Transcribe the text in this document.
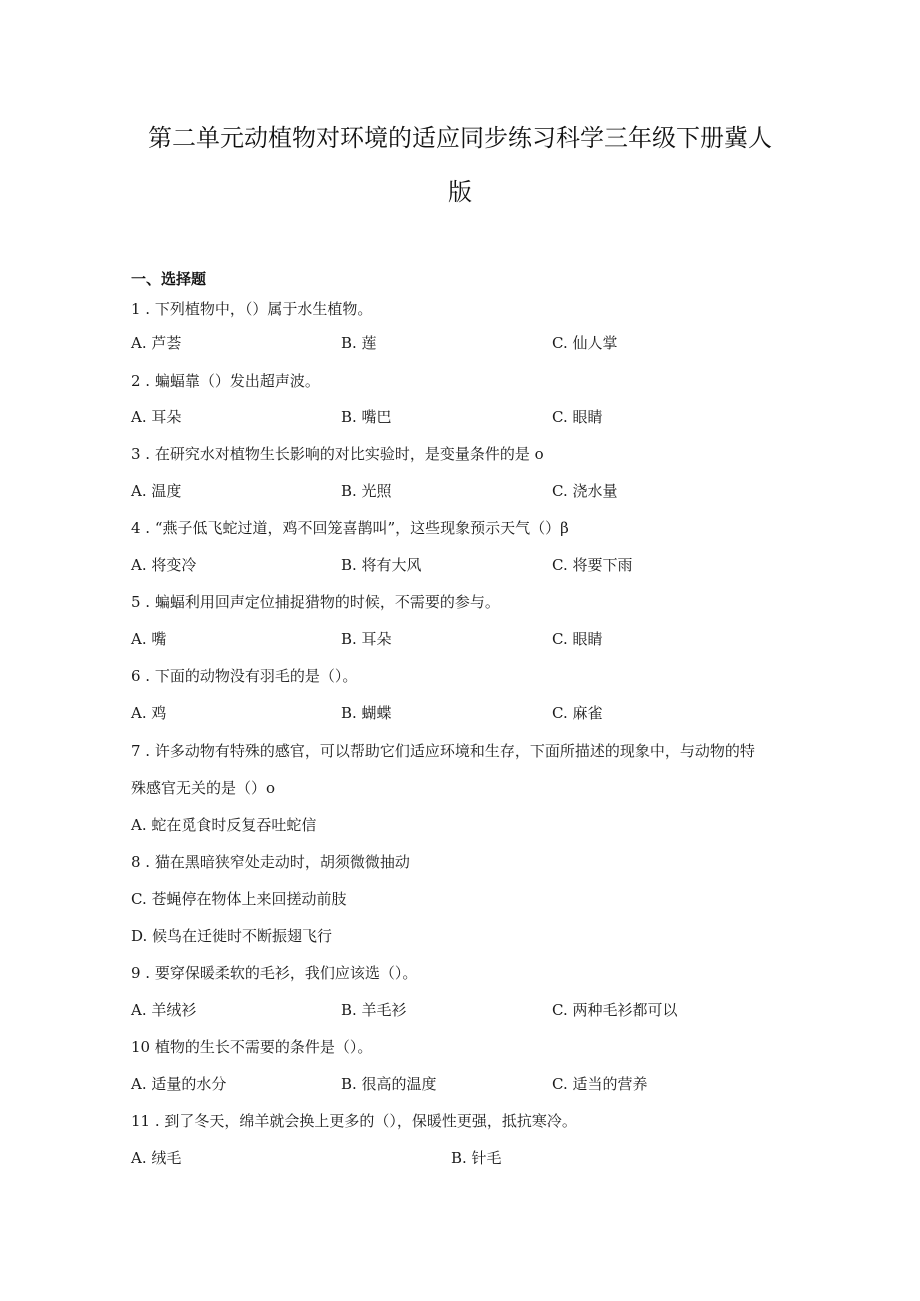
第二单元动植物对环境的适应同步练习科学三年级下册冀人
版
一、选择题
1 . 下列植物中，（）属于水生植物。
A. 芦荟	B. 莲	C. 仙人掌
2 . 蝙蝠靠（）发出超声波。
A. 耳朵	B. 嘴巴	C. 眼睛
3 . 在研究水对植物生长影响的对比实验时，是变量条件的是 o
A. 温度	B. 光照	C. 浇水量
4 . “燕子低飞蛇过道，鸡不回笼喜鹊叫”，这些现象预示天气（）β
A. 将变冷	B. 将有大风	C. 将要下雨
5 . 蝙蝠利用回声定位捕捉猎物的时候，不需要的参与。
A. 嘴	B. 耳朵	C. 眼睛
6 . 下面的动物没有羽毛的是（）。
A. 鸡	B. 蝴蝶	C. 麻雀
7 . 许多动物有特殊的感官，可以帮助它们适应环境和生存，下面所描述的现象中，与动物的特
殊感官无关的是（）o
A. 蛇在觅食时反复吞吐蛇信
8 . 猫在黑暗狭窄处走动时，胡须微微抽动
C. 苍蝇停在物体上来回搓动前肢
D. 候鸟在迁徙时不断振翅飞行
9 . 要穿保暖柔软的毛衫，我们应该选（）。
A. 羊绒衫	B. 羊毛衫	C. 两种毛衫都可以
10 植物的生长不需要的条件是（）。
A. 适量的水分	B. 很高的温度	C. 适当的营养
11 . 到了冬天，绵羊就会换上更多的（），保暖性更强，抵抗寒冷。
A. 绒毛	B. 针毛
